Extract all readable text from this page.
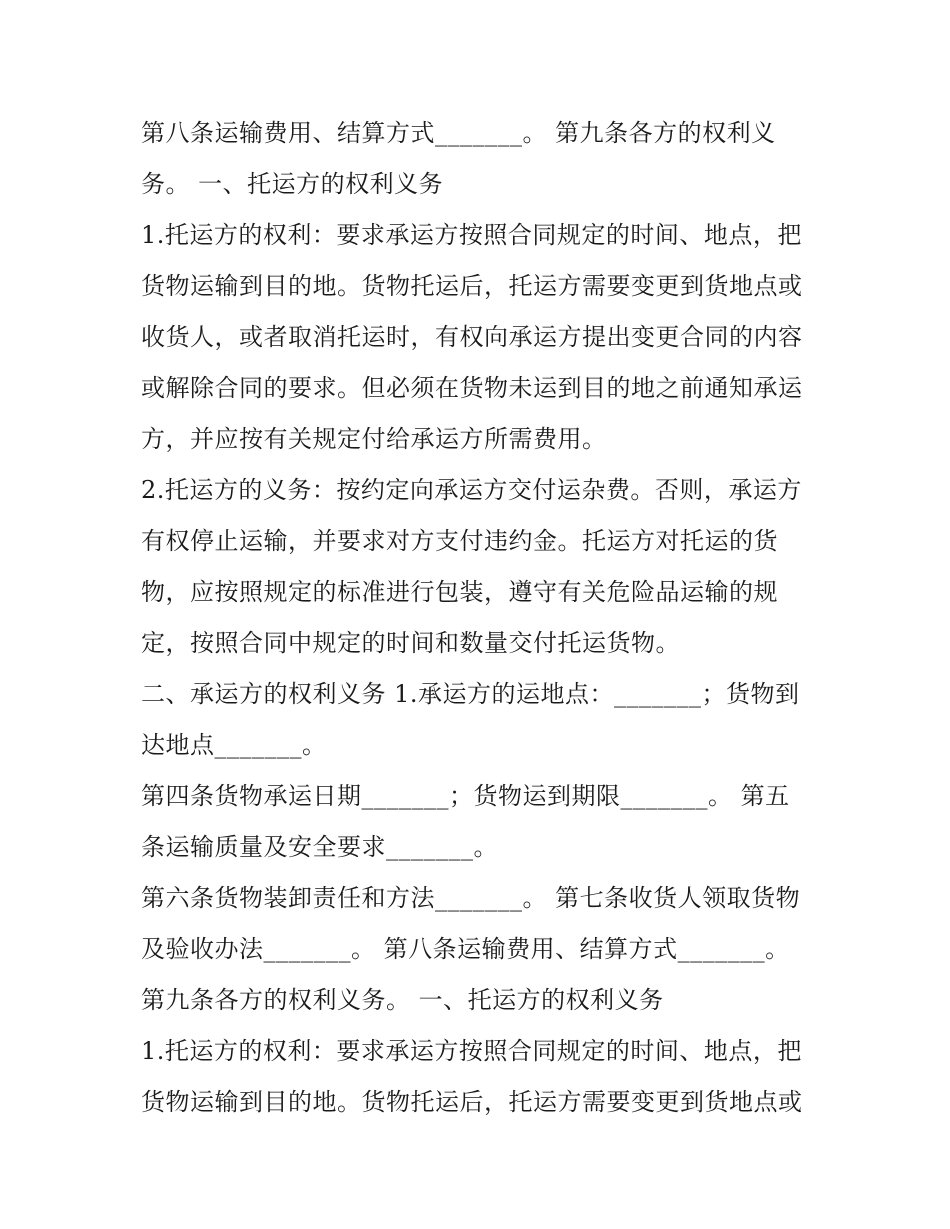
第八条运输费用、结算方式_______。 第九条各方的权利义务。 一、托运方的权利义务

1.托运方的权利：要求承运方按照合同规定的时间、地点，把货物运输到目的地。货物托运后，托运方需要变更到货地点或收货人，或者取消托运时，有权向承运方提出变更合同的内容或解除合同的要求。但必须在货物未运到目的地之前通知承运方，并应按有关规定付给承运方所需费用。

2.托运方的义务：按约定向承运方交付运杂费。否则，承运方有权停止运输，并要求对方支付违约金。托运方对托运的货物，应按照规定的标准进行包装，遵守有关危险品运输的规定，按照合同中规定的时间和数量交付托运货物。

二、承运方的权利义务 1.承运方的运地点：_______；货物到达地点_______。

第四条货物承运日期_______；货物运到期限_______。 第五条运输质量及安全要求_______。

第六条货物装卸责任和方法_______。 第七条收货人领取货物及验收办法_______。 第八条运输费用、结算方式_______。

第九条各方的权利义务。 一、托运方的权利义务

1.托运方的权利：要求承运方按照合同规定的时间、地点，把货物运输到目的地。货物托运后，托运方需要变更到货地点或
